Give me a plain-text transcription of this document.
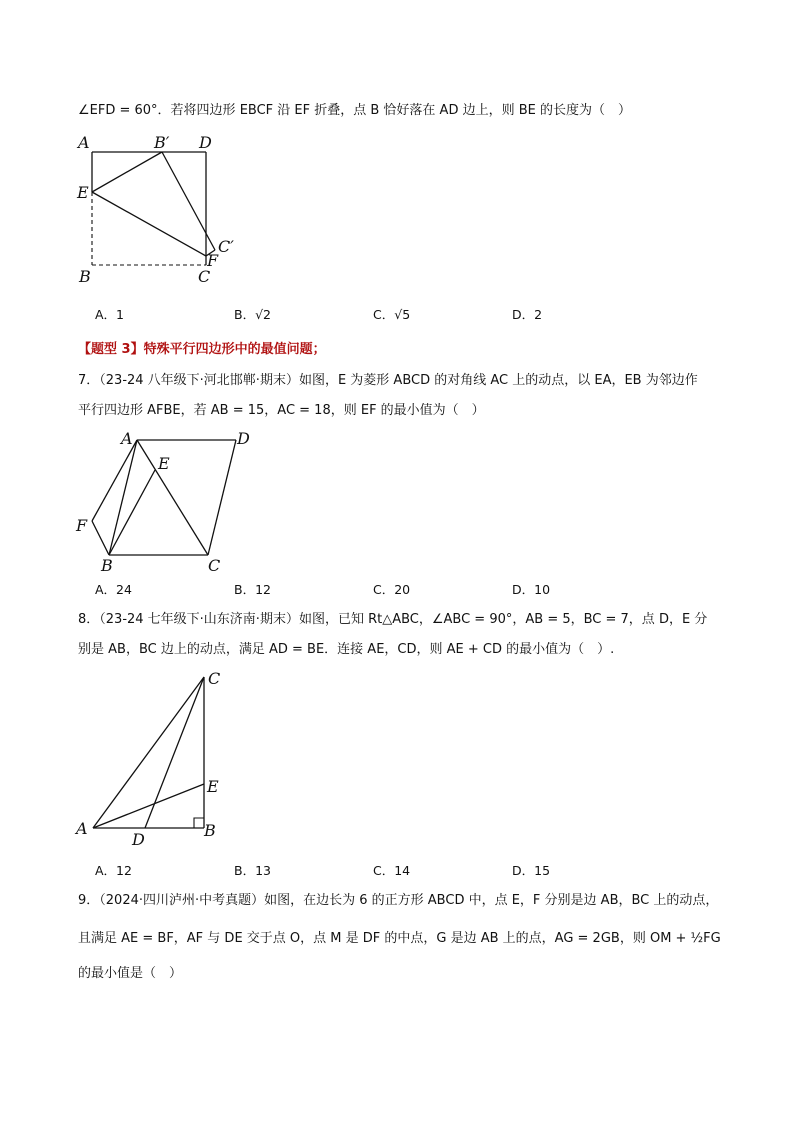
∠EFD = 60°．若将四边形 EBCF 沿 EF 折叠，点 B 恰好落在 AD 边上，则 BE 的长度为（　）
A	B′ D
E
C′
F
B	C
A	D
E
F
B	C
C
E
A
D	B
A．1	B．√2	C．√5	D．2
【题型 3】特殊平行四边形中的最值问题；
7．（23-24 八年级下·河北邯郸·期末）如图，E 为菱形 ABCD 的对角线 AC 上的动点，以 EA，EB 为邻边作
平行四边形 AFBE，若 AB = 15，AC = 18，则 EF 的最小值为（　）
A．24	B．12	C．20	D．10
8．（23-24 七年级下·山东济南·期末）如图，已知 Rt△ABC，∠ABC = 90°，AB = 5，BC = 7，点 D，E 分
别是 AB，BC 边上的动点，满足 AD = BE．连接 AE，CD，则 AE + CD 的最小值为（　）.
A．12	B．13	C．14	D．15
9．（2024·四川泸州·中考真题）如图，在边长为 6 的正方形 ABCD 中，点 E，F 分别是边 AB，BC 上的动点，
且满足 AE = BF，AF 与 DE 交于点 O，点 M 是 DF 的中点，G 是边 AB 上的点，AG = 2GB，则 OM + ½FG
的最小值是（　）
